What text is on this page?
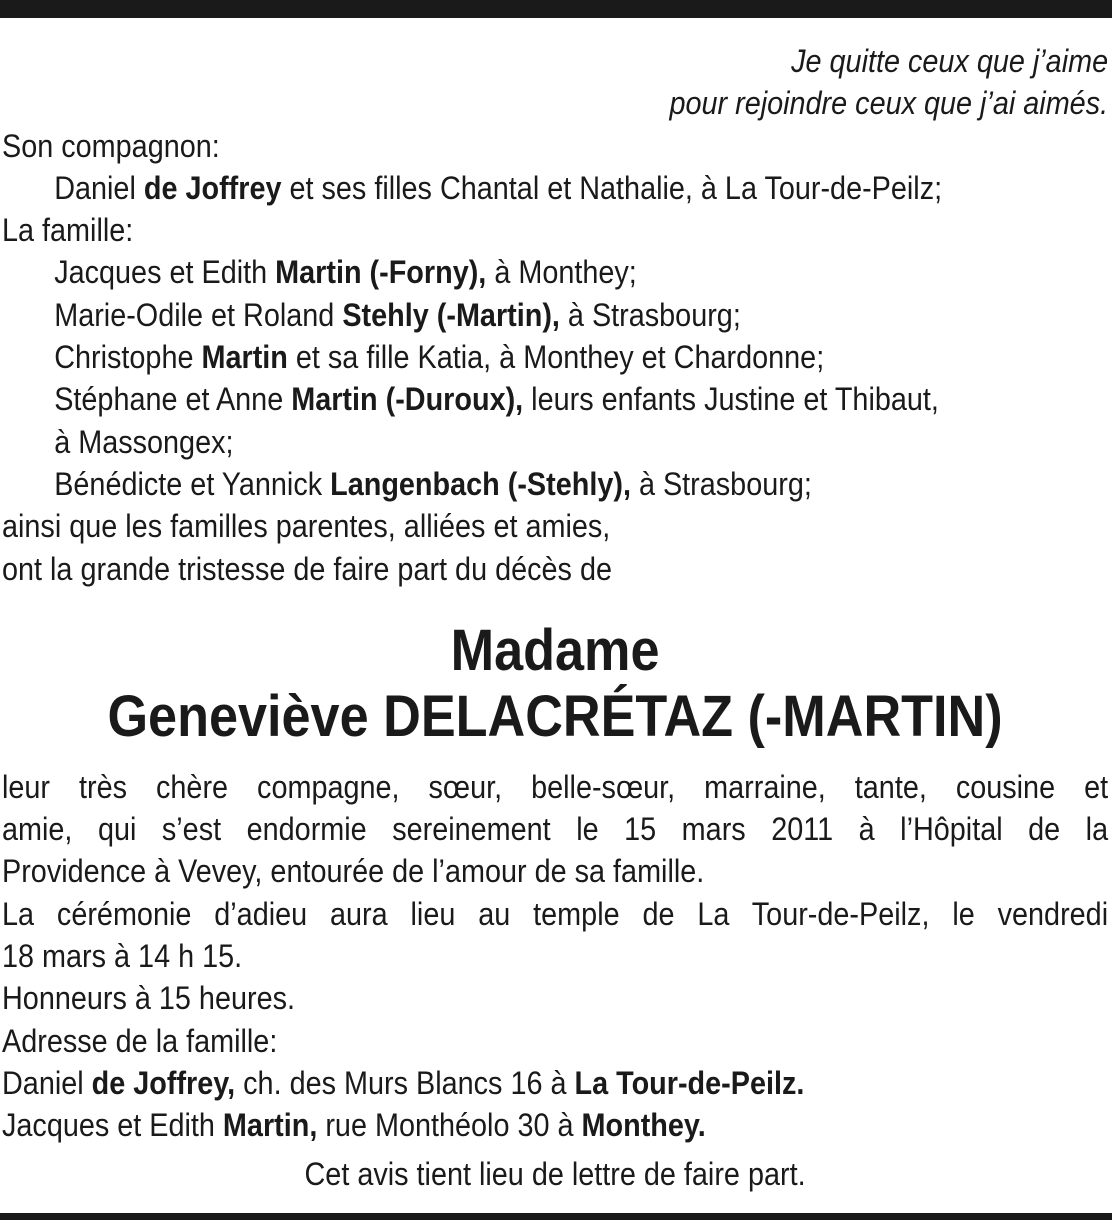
Je quitte ceux que j’aime
pour rejoindre ceux que j’ai aimés.
Son compagnon:
Daniel de Joffrey et ses filles Chantal et Nathalie, à La Tour-de-Peilz;
La famille:
Jacques et Edith Martin (-Forny), à Monthey;
Marie-Odile et Roland Stehly (-Martin), à Strasbourg;
Christophe Martin et sa fille Katia, à Monthey et Chardonne;
Stéphane et Anne Martin (-Duroux), leurs enfants Justine et Thibaut,
à Massongex;
Bénédicte et Yannick Langenbach (-Stehly), à Strasbourg;
ainsi que les familles parentes, alliées et amies,
ont la grande tristesse de faire part du décès de
Madame
Geneviève DELACRÉTAZ (-MARTIN)
leur très chère compagne, sœur, belle-sœur, marraine, tante, cousine et
amie, qui s’est endormie sereinement le 15 mars 2011 à l’Hôpital de la
Providence à Vevey, entourée de l’amour de sa famille.
La cérémonie d’adieu aura lieu au temple de La Tour-de-Peilz, le vendredi
18 mars à 14 h 15.
Honneurs à 15 heures.
Adresse de la famille:
Daniel de Joffrey, ch. des Murs Blancs 16 à La Tour-de-Peilz.
Jacques et Edith Martin, rue Monthéolo 30 à Monthey.
Cet avis tient lieu de lettre de faire part.
